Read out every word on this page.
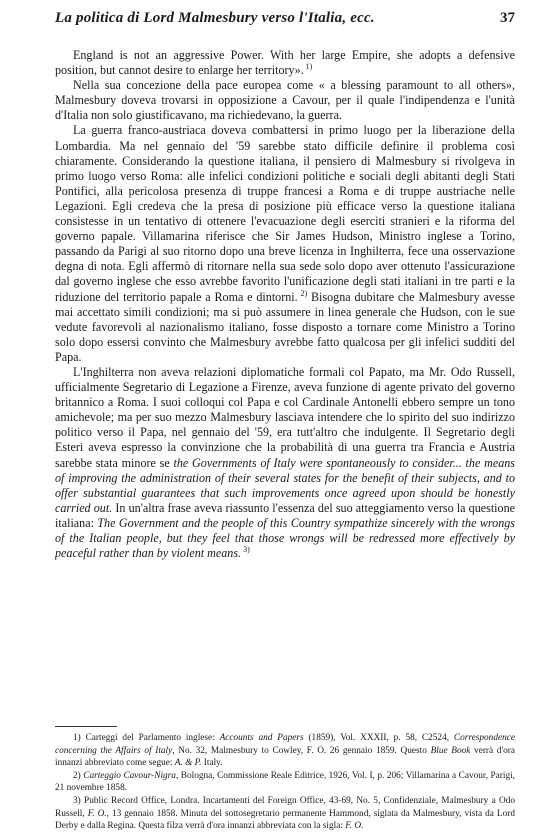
La politica di Lord Malmesbury verso l'Italia, ecc.	37

England is not an aggressive Power. With her large Empire, she adopts a defensive position, but cannot desire to enlarge her territory». $^{1)}$

Nella sua concezione della pace europea come « a blessing paramount to all others», Malmesbury doveva trovarsi in opposizione a Cavour, per il quale l'indipendenza e l'unità d'Italia non solo giustificavano, ma richiedevano, la guerra.

La guerra franco-austriaca doveva combattersi in primo luogo per la liberazione della Lombardia. Ma nel gennaio del '59 sarebbe stato difficile definire il problema così chiaramente. Considerando la questione italiana, il pensiero di Malmesbury si rivolgeva in primo luogo verso Roma: alle infelici condizioni politiche e sociali degli abitanti degli Stati Pontifici, alla pericolosa presenza di truppe francesi a Roma e di truppe austriache nelle Legazioni. Egli credeva che la presa di posizione più efficace verso la questione italiana consistesse in un tentativo di ottenere l'evacuazione degli eserciti stranieri e la riforma del governo papale. Villamarina riferisce che Sir James Hudson, Ministro inglese a Torino, passando da Parigi al suo ritorno dopo una breve licenza in Inghilterra, fece una osservazione degna di nota. Egli affermò di ritornare nella sua sede solo dopo aver ottenuto l'assicurazione dal governo inglese che esso avrebbe favorito l'unificazione degli stati italiani in tre parti e la riduzione del territorio papale a Roma e dintorni. $^{2)}$ Bisogna dubitare che Malmesbury avesse mai accettato simili condizioni; ma si può assumere in linea generale che Hudson, con le sue vedute favorevoli al nazionalismo italiano, fosse disposto a tornare come Ministro a Torino solo dopo essersi convinto che Malmesbury avrebbe fatto qualcosa per gli infelici sudditi del Papa.

L'Inghilterra non aveva relazioni diplomatiche formali col Papato, ma Mr. Odo Russell, ufficialmente Segretario di Legazione a Firenze, aveva funzione di agente privato del governo britannico a Roma. I suoi colloqui col Papa e col Cardinale Antonelli ebbero sempre un tono amichevole; ma per suo mezzo Malmesbury lasciava intendere che lo spirito del suo indirizzo politico verso il Papa, nel gennaio del '59, era tutt'altro che indulgente. Il Segretario degli Esteri aveva espresso la convinzione che la probabilità di una guerra tra Francia e Austria sarebbe stata minore se the Governments of Italy were spontaneously to consider... the means of improving the administration of their several states for the benefit of their subjects, and to offer substantial guarantees that such improvements once agreed upon should be honestly carried out. In un'altra frase aveva riassunto l'essenza del suo atteggiamento verso la questione italiana: The Government and the people of this Country sympathize sincerely with the wrongs of the Italian people, but they feel that those wrongs will be redressed more effectively by peaceful rather than by violent means. $^{3)}$

1) Carteggi del Parlamento inglese: Accounts and Papers (1859), Vol. XXXII, p. 58, C2524, Correspondence concerning the Affairs of Italy, No. 32, Malmesbury to Cowley, F. O. 26 gennaio 1859. Questo Blue Book verrà d'ora innanzi abbreviato come segue: A. & P. Italy.

2) Carteggio Cavour-Nigra, Bologna, Commissione Reale Editrice, 1926, Vol. I, p. 206; Villamarina a Cavour, Parigi, 21 novembre 1858.

3) Public Record Office, Londra. Incartamenti del Foreign Office, 43-69, No. 5, Confidenziale, Malmesbury a Odo Russell, F. O., 13 gennaio 1858. Minuta del sottosegretario permanente Hammond, siglata da Malmesbury, vista da Lord Derby e dalla Regina. Questa filza verrà d'ora innanzi abbreviata con la sigla: F. O.
